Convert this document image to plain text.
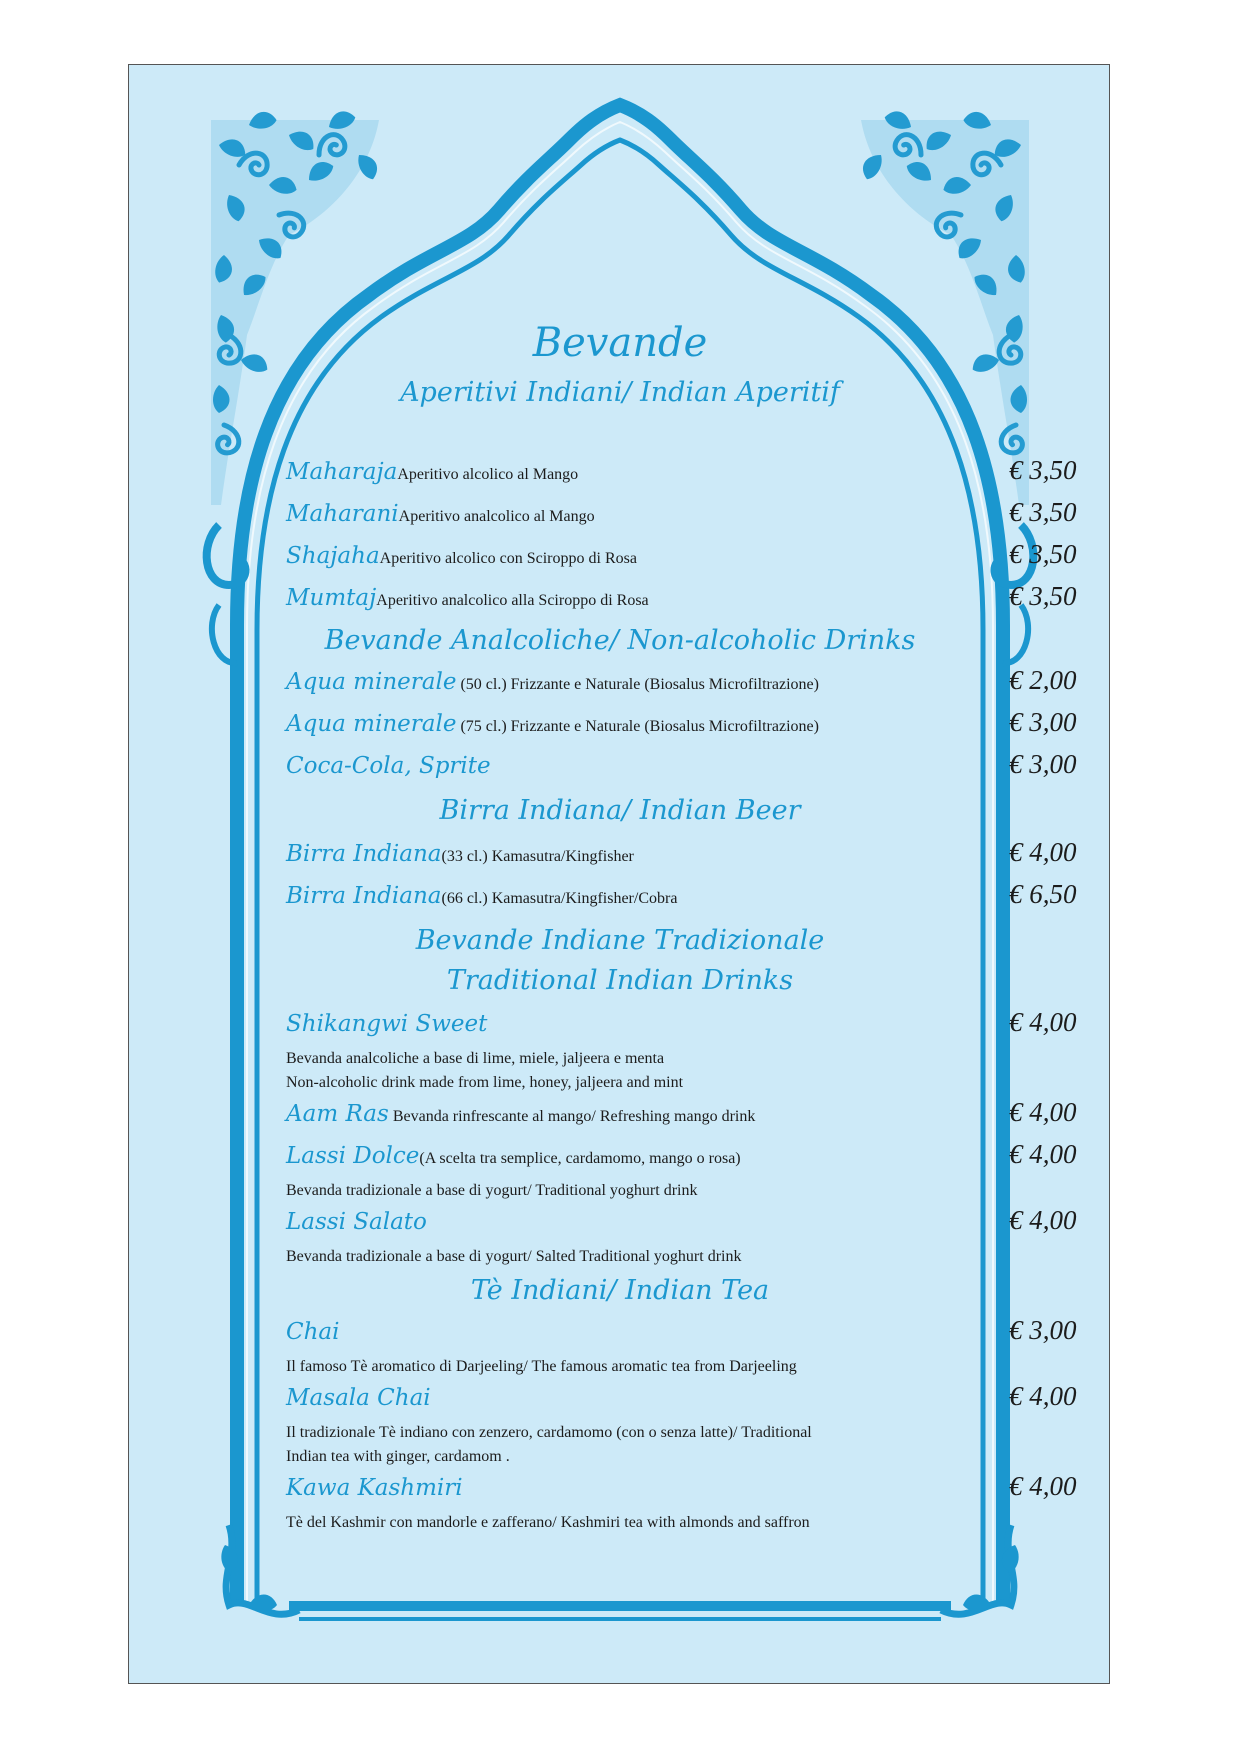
Bevande
Aperitivi Indiani/ Indian Aperitif
MaharajaAperitivo alcolico al Mango	€ 3,50
MaharaniAperitivo analcolico al Mango	€ 3,50
ShajahaAperitivo alcolico con Sciroppo di Rosa	€ 3,50
MumtajAperitivo analcolico alla Sciroppo di Rosa	€ 3,50
Bevande Analcoliche/ Non-alcoholic Drinks
Aqua minerale (50 cl.) Frizzante e Naturale (Biosalus Microfiltrazione)	€ 2,00
Aqua minerale (75 cl.) Frizzante e Naturale (Biosalus Microfiltrazione)	€ 3,00
Coca-Cola, Sprite	€ 3,00
Birra Indiana/ Indian Beer
Birra Indiana(33 cl.) Kamasutra/Kingfisher	€ 4,00
Birra Indiana(66 cl.) Kamasutra/Kingfisher/Cobra	€ 6,50
Bevande Indiane Tradizionale
Traditional Indian Drinks
Shikangwi Sweet	€ 4,00
Bevanda analcoliche a base di lime, miele, jaljeera e menta
Non-alcoholic drink made from lime, honey, jaljeera and mint
Aam Ras Bevanda rinfrescante al mango/ Refreshing mango drink	€ 4,00
Lassi Dolce(A scelta tra semplice, cardamomo, mango o rosa)	€ 4,00
Bevanda tradizionale a base di yogurt/ Traditional yoghurt drink
Lassi Salato	€ 4,00
Bevanda tradizionale a base di yogurt/ Salted Traditional yoghurt drink
Tè Indiani/ Indian Tea
Chai	€ 3,00
Il famoso Tè aromatico di Darjeeling/ The famous aromatic tea from Darjeeling
Masala Chai	€ 4,00
Il tradizionale Tè indiano con zenzero, cardamomo (con o senza latte)/ Traditional
Indian tea with ginger, cardamom .
Kawa Kashmiri	€ 4,00
Tè del Kashmir con mandorle e zafferano/ Kashmiri tea with almonds and saffron
